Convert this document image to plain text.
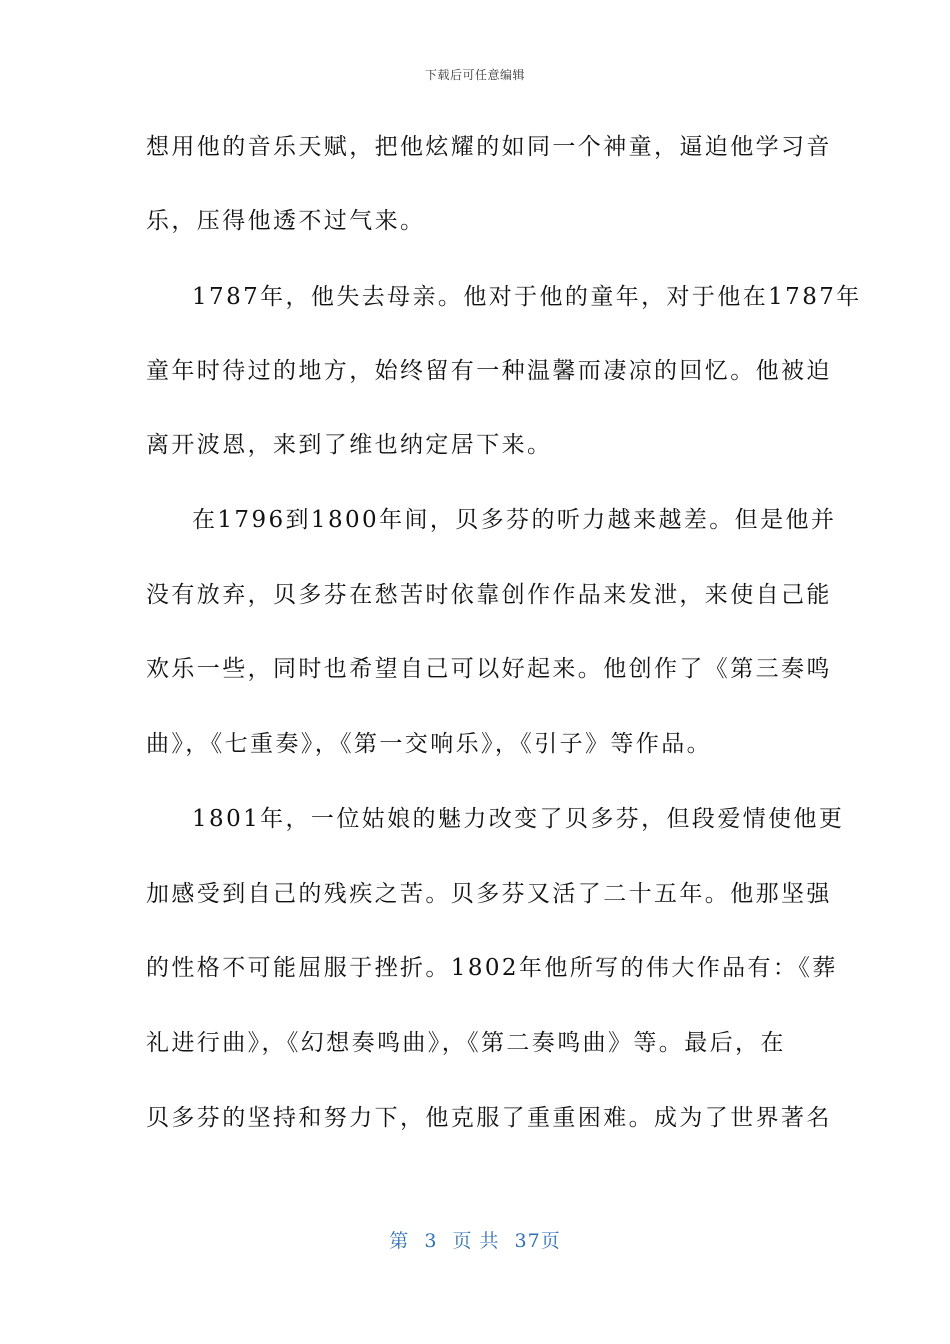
下载后可任意编辑
想用他的音乐天赋，把他炫耀的如同一个神童，逼迫他学习音
乐，压得他透不过气来。
1787年，他失去母亲。他对于他的童年，对于他在1787年
童年时待过的地方，始终留有一种温馨而凄凉的回忆。他被迫
离开波恩，来到了维也纳定居下来。
在1796到1800年间，贝多芬的听力越来越差。但是他并
没有放弃，贝多芬在愁苦时依靠创作作品来发泄，来使自己能
欢乐一些，同时也希望自己可以好起来。他创作了《第三奏鸣
曲》，《七重奏》，《第一交响乐》，《引子》等作品。
1801年，一位姑娘的魅力改变了贝多芬，但段爱情使他更
加感受到自己的残疾之苦。贝多芬又活了二十五年。他那坚强
的性格不可能屈服于挫折。1802年他所写的伟大作品有：《葬
礼进行曲》，《幻想奏鸣曲》，《第二奏鸣曲》等。最后，在
贝多芬的坚持和努力下，他克服了重重困难。成为了世界著名
第 3 页 共 37页
